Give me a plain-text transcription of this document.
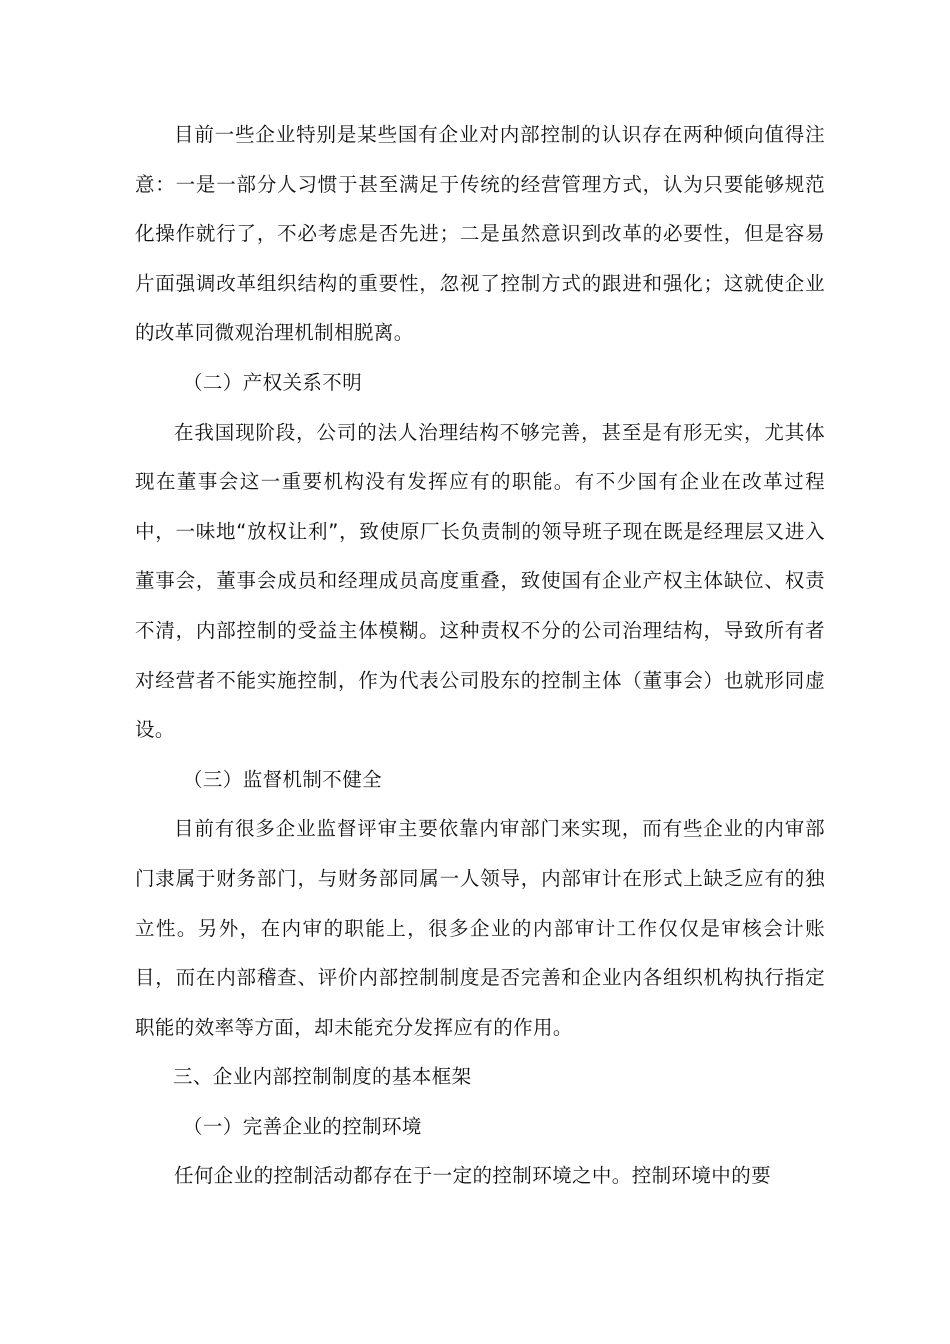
目前一些企业特别是某些国有企业对内部控制的认识存在两种倾向值得注意：一是一部分人习惯于甚至满足于传统的经营管理方式，认为只要能够规范化操作就行了，不必考虑是否先进；二是虽然意识到改革的必要性，但是容易片面强调改革组织结构的重要性，忽视了控制方式的跟进和强化；这就使企业的改革同微观治理机制相脱离。

（二）产权关系不明

在我国现阶段，公司的法人治理结构不够完善，甚至是有形无实，尤其体现在董事会这一重要机构没有发挥应有的职能。有不少国有企业在改革过程中，一味地“放权让利”，致使原厂长负责制的领导班子现在既是经理层又进入董事会，董事会成员和经理成员高度重叠，致使国有企业产权主体缺位、权责不清，内部控制的受益主体模糊。这种责权不分的公司治理结构，导致所有者对经营者不能实施控制，作为代表公司股东的控制主体（董事会）也就形同虚设。

（三）监督机制不健全

目前有很多企业监督评审主要依靠内审部门来实现，而有些企业的内审部门隶属于财务部门，与财务部同属一人领导，内部审计在形式上缺乏应有的独立性。另外，在内审的职能上，很多企业的内部审计工作仅仅是审核会计账目，而在内部稽查、评价内部控制制度是否完善和企业内各组织机构执行指定职能的效率等方面，却未能充分发挥应有的作用。

三、企业内部控制制度的基本框架

（一）完善企业的控制环境

任何企业的控制活动都存在于一定的控制环境之中。控制环境中的要
